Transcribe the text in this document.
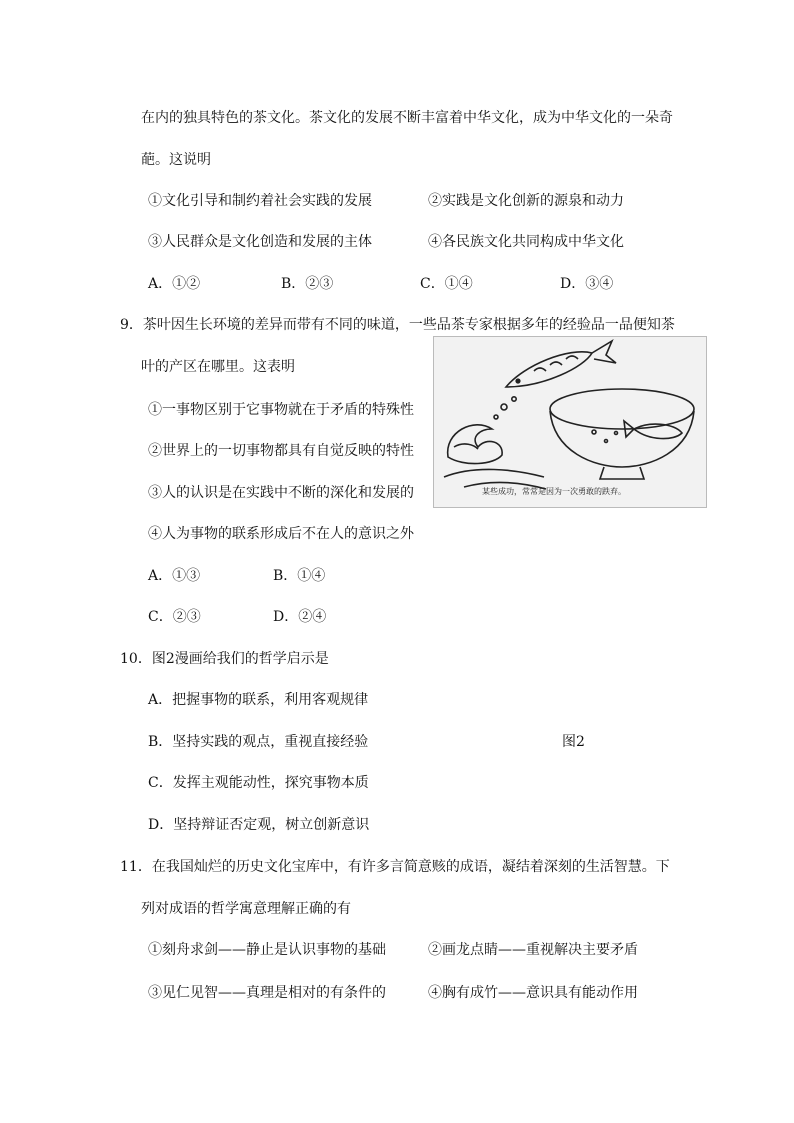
在内的独具特色的茶文化。茶文化的发展不断丰富着中华文化，成为中华文化的一朵奇
葩。这说明
①文化引导和制约着社会实践的发展	②实践是文化创新的源泉和动力
③人民群众是文化创造和发展的主体	④各民族文化共同构成中华文化
A．①②	B．②③	C．①④	D．③④
9．茶叶因生长环境的差异而带有不同的味道，一些品茶专家根据多年的经验品一品便知茶
叶的产区在哪里。这表明
①一事物区别于它事物就在于矛盾的特殊性
②世界上的一切事物都具有自觉反映的特性
③人的认识是在实践中不断的深化和发展的
④人为事物的联系形成后不在人的意识之外
A．①③	B．①④
C．②③	D．②④
某些成功，常常是因为一次勇敢的跌弃。
10．图2漫画给我们的哲学启示是
A．把握事物的联系，利用客观规律
B．坚持实践的观点，重视直接经验	图2
C．发挥主观能动性，探究事物本质
D．坚持辩证否定观，树立创新意识
11．在我国灿烂的历史文化宝库中，有许多言简意赅的成语，凝结着深刻的生活智慧。下
列对成语的哲学寓意理解正确的有
①刻舟求剑——静止是认识事物的基础	②画龙点睛——重视解决主要矛盾
③见仁见智——真理是相对的有条件的	④胸有成竹——意识具有能动作用
